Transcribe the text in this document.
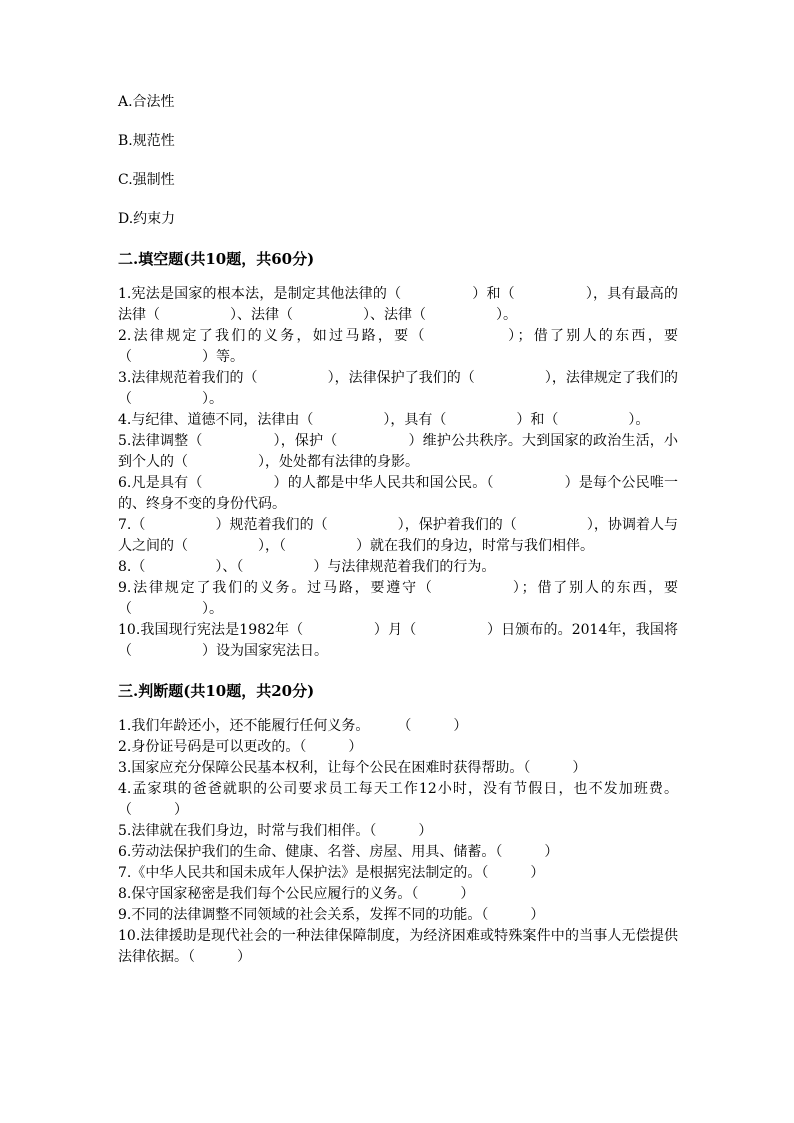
A.合法性
B.规范性
C.强制性
D.约束力
二.填空题(共10题，共60分)

1.宪法是国家的根本法，是制定其他法律的（　　　　　）和（　　　　　），具有最高的法律（　　　　　）、法律（　　　　　）、法律（　　　　　）。

2.法律规定了我们的义务，如过马路，要（　　　　　）；借了别人的东西，要（　　　　　）等。

3.法律规范着我们的（　　　　　），法律保护了我们的（　　　　　），法律规定了我们的（　　　　　）。

4.与纪律、道德不同，法律由（　　　　　），具有（　　　　　）和（　　　　　）。

5.法律调整（　　　　　），保护（　　　　　）维护公共秩序。大到国家的政治生活，小到个人的（　　　　　），处处都有法律的身影。

6.凡是具有（　　　　　）的人都是中华人民共和国公民。（　　　　　）是每个公民唯一的、终身不变的身份代码。

7.（　　　　　）规范着我们的（　　　　　），保护着我们的（　　　　　），协调着人与人之间的（　　　　　），（　　　　　）就在我们的身边，时常与我们相伴。

8.（　　　　　）、（　　　　　）与法律规范着我们的行为。

9.法律规定了我们的义务。过马路，要遵守（　　　　　）；借了别人的东西，要（　　　　　）。

10.我国现行宪法是1982年（　　　　　）月（　　　　　）日颁布的。2014年，我国将（　　　　　）设为国家宪法日。

三.判断题(共10题，共20分)

1.我们年龄还小，还不能履行任何义务。　　　（　　　）

2.身份证号码是可以更改的。（　　　）

3.国家应充分保障公民基本权利，让每个公民在困难时获得帮助。（　　　）

4.孟家琪的爸爸就职的公司要求员工每天工作12小时，没有节假日，也不发加班费。（　　　）

5.法律就在我们身边，时常与我们相伴。（　　　）

6.劳动法保护我们的生命、健康、名誉、房屋、用具、储蓄。（　　　）

7.《中华人民共和国未成年人保护法》是根据宪法制定的。（　　　）

8.保守国家秘密是我们每个公民应履行的义务。（　　　）

9.不同的法律调整不同领域的社会关系，发挥不同的功能。（　　　）

10.法律援助是现代社会的一种法律保障制度，为经济困难或特殊案件中的当事人无偿提供法律依据。（　　　）
